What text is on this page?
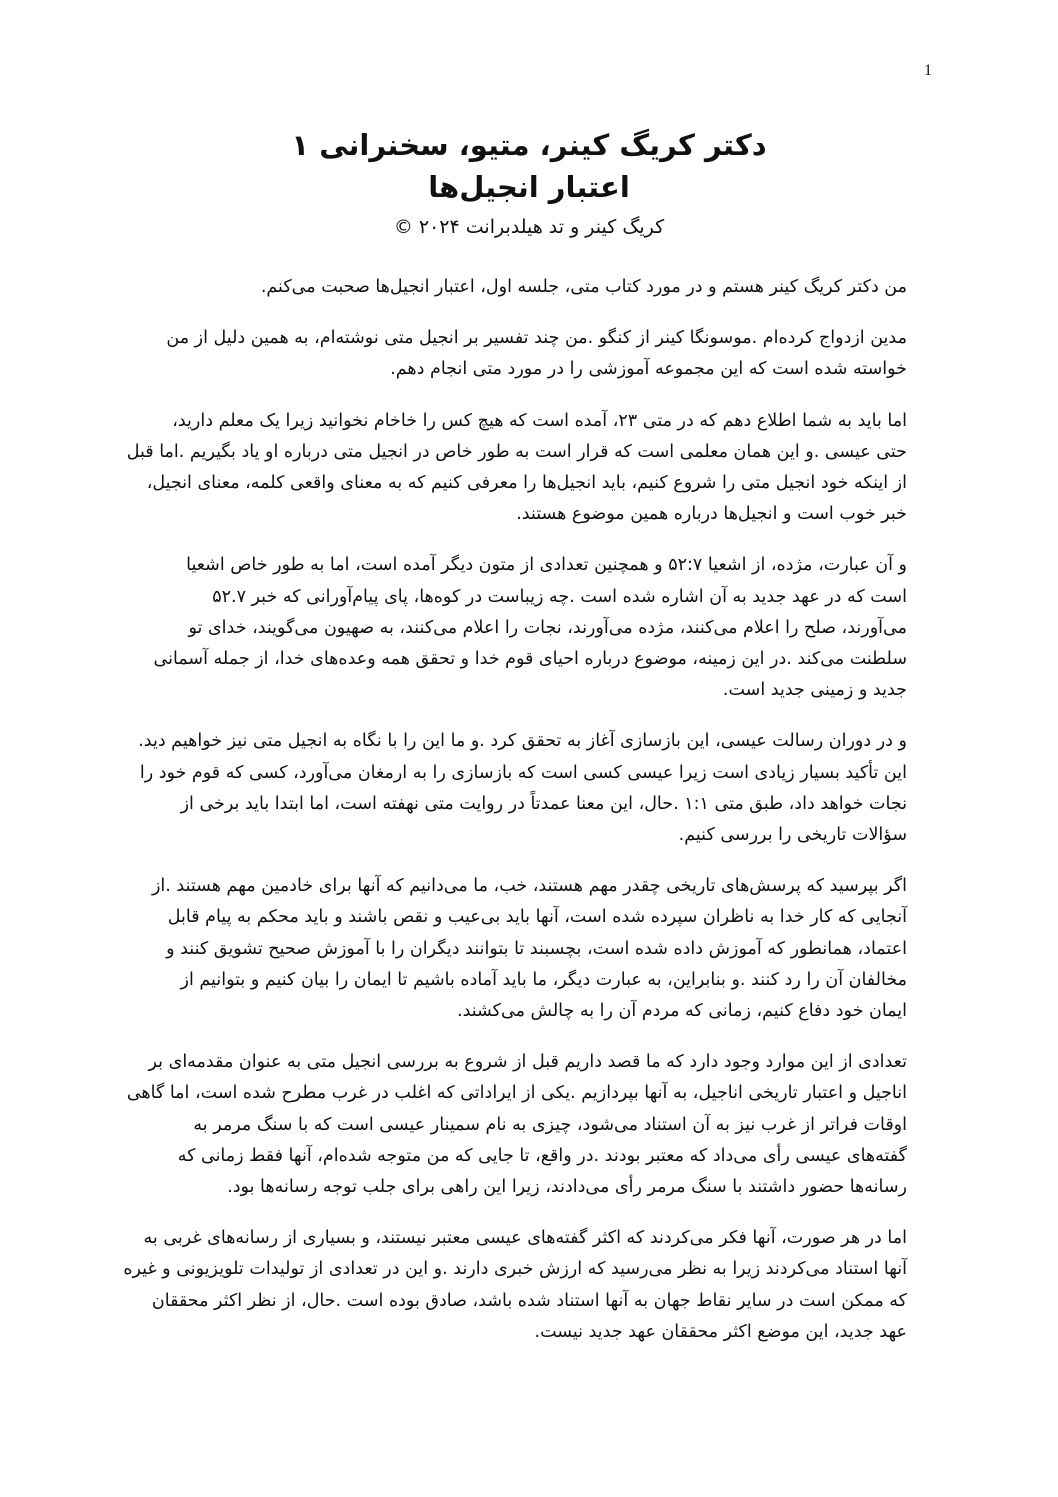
1
دکتر کریگ کینر، متیو، سخنرانی ۱
اعتبار انجیل‌ها
کریگ کینر و تد هیلدبرانت ۲۰۲۴ ©
من دکتر کریگ کینر هستم و در مورد کتاب متی، جلسه اول، اعتبار انجیل‌ها صحبت می‌کنم.
مدین ازدواج کرده‌ام .موسونگا کینر از کنگو .من چند تفسیر بر انجیل متی نوشته‌ام، به همین دلیل از من
خواسته شده است که این مجموعه آموزشی را در مورد متی انجام دهم.
اما باید به شما اطلاع دهم که در متی ۲۳، آمده است که هیچ کس را خاخام نخوانید زیرا یک معلم دارید،
حتی عیسی .و این همان معلمی است که قرار است به طور خاص در انجیل متی درباره او یاد بگیریم .اما قبل
از اینکه خود انجیل متی را شروع کنیم، باید انجیل‌ها را معرفی کنیم که به معنای واقعی کلمه، معنای انجیل،
خبر خوب است و انجیل‌ها درباره همین موضوع هستند.
و آن عبارت، مژده، از اشعیا ۵۲:۷ و همچنین تعدادی از متون دیگر آمده است، اما به طور خاص اشعیا
است که در عهد جدید به آن اشاره شده است .چه زیباست در کوه‌ها، پای پیام‌آورانی که خبر ۵۲.۷
می‌آورند، صلح را اعلام می‌کنند، مژده می‌آورند، نجات را اعلام می‌کنند، به صهیون می‌گویند، خدای تو
سلطنت می‌کند .در این زمینه، موضوع درباره احیای قوم خدا و تحقق همه وعده‌های خدا، از جمله آسمانی
جدید و زمینی جدید است.
و در دوران رسالت عیسی، این بازسازی آغاز به تحقق کرد .و ما این را با نگاه به انجیل متی نیز خواهیم دید.
این تأکید بسیار زیادی است زیرا عیسی کسی است که بازسازی را به ارمغان می‌آورد، کسی که قوم خود را
نجات خواهد داد، طبق متی ۱:۱ .حال، این معنا عمدتاً در روایت متی نهفته است، اما ابتدا باید برخی از
سؤالات تاریخی را بررسی کنیم.
اگر بپرسید که پرسش‌های تاریخی چقدر مهم هستند، خب، ما می‌دانیم که آنها برای خادمین مهم هستند .از
آنجایی که کار خدا به ناظران سپرده شده است، آنها باید بی‌عیب و نقص باشند و باید محکم به پیام قابل
اعتماد، همانطور که آموزش داده شده است، بچسبند تا بتوانند دیگران را با آموزش صحیح تشویق کنند و
مخالفان آن را رد کنند .و بنابراین، به عبارت دیگر، ما باید آماده باشیم تا ایمان را بیان کنیم و بتوانیم از
ایمان خود دفاع کنیم، زمانی که مردم آن را به چالش می‌کشند.
تعدادی از این موارد وجود دارد که ما قصد داریم قبل از شروع به بررسی انجیل متی به عنوان مقدمه‌ای بر
اناجیل و اعتبار تاریخی اناجیل، به آنها بپردازیم .یکی از ایراداتی که اغلب در غرب مطرح شده است، اما گاهی
اوقات فراتر از غرب نیز به آن استناد می‌شود، چیزی به نام سمینار عیسی است که با سنگ مرمر به
گفته‌های عیسی رأی می‌داد که معتبر بودند .در واقع، تا جایی که من متوجه شده‌ام، آنها فقط زمانی که
رسانه‌ها حضور داشتند با سنگ مرمر رأی می‌دادند، زیرا این راهی برای جلب توجه رسانه‌ها بود.
اما در هر صورت، آنها فکر می‌کردند که اکثر گفته‌های عیسی معتبر نیستند، و بسیاری از رسانه‌های غربی به
آنها استناد می‌کردند زیرا به نظر می‌رسید که ارزش خبری دارند .و این در تعدادی از تولیدات تلویزیونی و غیره
که ممکن است در سایر نقاط جهان به آنها استناد شده باشد، صادق بوده است .حال، از نظر اکثر محققان
عهد جدید، این موضع اکثر محققان عهد جدید نیست.
